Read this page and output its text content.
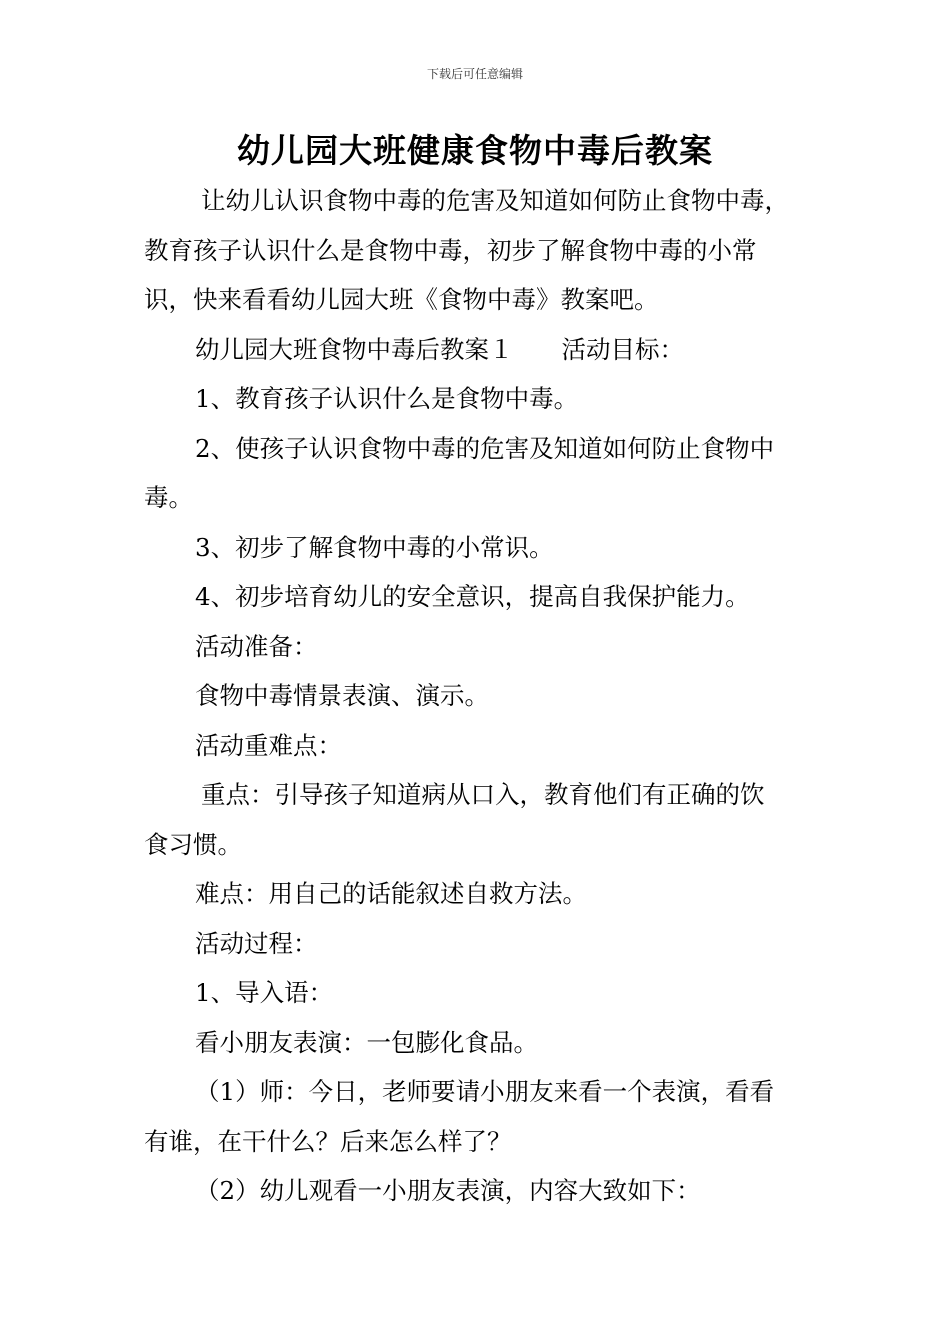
下载后可任意编辑
幼儿园大班健康食物中毒后教案

让幼儿认识食物中毒的危害及知道如何防止食物中毒，

教育孩子认识什么是食物中毒，初步了解食物中毒的小常

识，快来看看幼儿园大班《食物中毒》教案吧。

幼儿园大班食物中毒后教案１ 活动目标：

1、教育孩子认识什么是食物中毒。

2、使孩子认识食物中毒的危害及知道如何防止食物中

毒。

3、初步了解食物中毒的小常识。

4、初步培育幼儿的安全意识，提高自我保护能力。

活动准备：

食物中毒情景表演、演示。

活动重难点：

重点：引导孩子知道病从口入，教育他们有正确的饮

食习惯。

难点：用自己的话能叙述自救方法。

活动过程：

1、导入语：

看小朋友表演：一包膨化食品。

（1）师：今日，老师要请小朋友来看一个表演，看看

有谁，在干什么？后来怎么样了？

（2）幼儿观看一小朋友表演，内容大致如下：
